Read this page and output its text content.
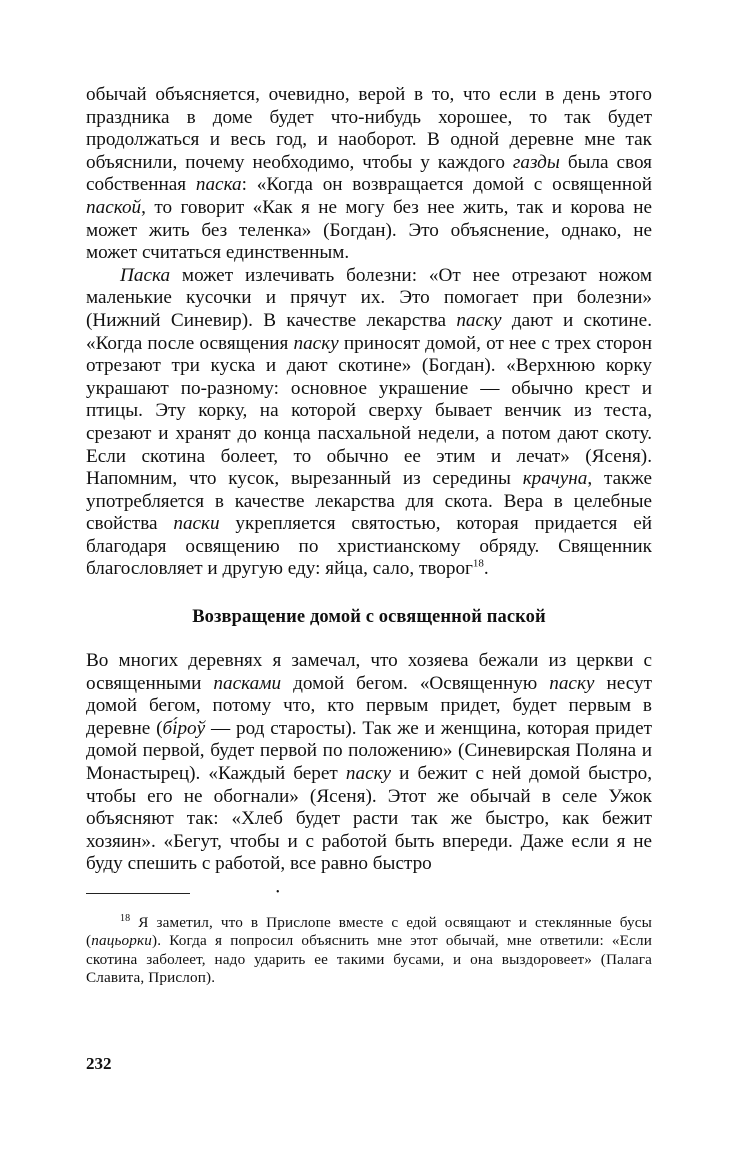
обычай объясняется, очевидно, верой в то, что если в день этого праздника в доме будет что-нибудь хорошее, то так будет продолжаться и весь год, и наоборот. В одной деревне мне так объяснили, почему необходимо, чтобы у каждого газды была своя собственная паска: «Когда он возвращается домой с освященной паской, то говорит «Как я не могу без нее жить, так и корова не может жить без теленка» (Богдан). Это объяснение, однако, не может считаться единственным.

Паска может излечивать болезни: «От нее отрезают ножом маленькие кусочки и прячут их. Это помогает при болезни» (Нижний Синевир). В качестве лекарства паску дают и скотине. «Когда после освящения паску приносят домой, от нее с трех сторон отрезают три куска и дают скотине» (Богдан). «Верхнюю корку украшают по-разному: основное украшение — обычно крест и птицы. Эту корку, на которой сверху бывает венчик из теста, срезают и хранят до конца пасхальной недели, а потом дают скоту. Если скотина болеет, то обычно ее этим и лечат» (Ясеня). Напомним, что кусок, вырезанный из середины крачуна, также употребляется в качестве лекарства для скота. Вера в целебные свойства паски укрепляется святостью, которая придается ей благодаря освящению по христианскому обряду. Священник благословляет и другую еду: яйца, сало, творог$^{18}$.

Возвращение домой с освященной паской

Во многих деревнях я замечал, что хозяева бежали из церкви с освященными пасками домой бегом. «Освященную паску несут домой бегом, потому что, кто первым придет, будет первым в деревне (бі́роў — род старосты). Так же и женщина, которая придет домой первой, будет первой по положению» (Синевирская Поляна и Монастырец). «Каждый берет паску и бежит с ней домой быстро, чтобы его не обогнали» (Ясеня). Этот же обычай в селе Ужок объясняют так: «Хлеб будет расти так же быстро, как бежит хозяин». «Бегут, чтобы и с работой быть впереди. Даже если я не буду спешить с работой, все равно быстро

•

$^{18}$ Я заметил, что в Прислопе вместе с едой освящают и стеклянные бусы (пацьорки). Когда я попросил объяснить мне этот обычай, мне ответили: «Если скотина заболеет, надо ударить ее такими бусами, и она выздоровеет» (Палага Славита, Прислоп).

232
